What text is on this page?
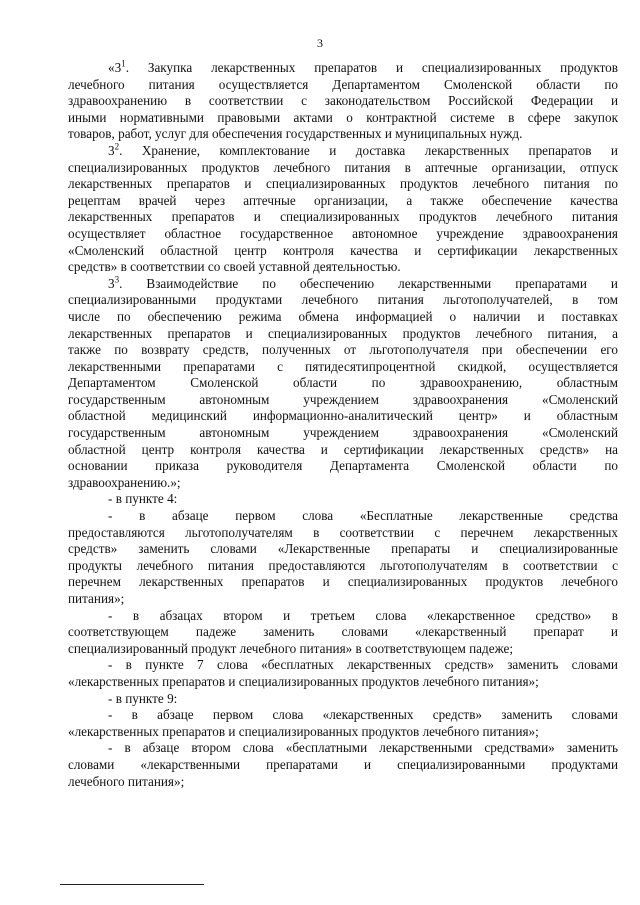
3
«$3^1$. Закупка лекарственных препаратов и специализированных продуктов
лечебного питания осуществляется Департаментом Смоленской области по
здравоохранению в соответствии с законодательством Российской Федерации и
иными нормативными правовыми актами о контрактной системе в сфере закупок
товаров, работ, услуг для обеспечения государственных и муниципальных нужд.
$3^2$. Хранение, комплектование и доставка лекарственных препаратов и
специализированных продуктов лечебного питания в аптечные организации, отпуск
лекарственных препаратов и специализированных продуктов лечебного питания по
рецептам врачей через аптечные организации, а также обеспечение качества
лекарственных препаратов и специализированных продуктов лечебного питания
осуществляет областное государственное автономное учреждение здравоохранения
«Смоленский областной центр контроля качества и сертификации лекарственных
средств» в соответствии со своей уставной деятельностью.
$3^3$. Взаимодействие по обеспечению лекарственными препаратами и
специализированными продуктами лечебного питания льготополучателей, в том
числе по обеспечению режима обмена информацией о наличии и поставках
лекарственных препаратов и специализированных продуктов лечебного питания, а
также по возврату средств, полученных от льготополучателя при обеспечении его
лекарственными препаратами с пятидесятипроцентной скидкой, осуществляется
Департаментом Смоленской области по здравоохранению, областным
государственным автономным учреждением здравоохранения «Смоленский
областной медицинский информационно-аналитический центр» и областным
государственным автономным учреждением здравоохранения «Смоленский
областной центр контроля качества и сертификации лекарственных средств» на
основании приказа руководителя Департамента Смоленской области по
здравоохранению.»;
- в пункте 4:
- в абзаце первом слова «Бесплатные лекарственные средства
предоставляются льготополучателям в соответствии с перечнем лекарственных
средств» заменить словами «Лекарственные препараты и специализированные
продукты лечебного питания предоставляются льготополучателям в соответствии с
перечнем лекарственных препаратов и специализированных продуктов лечебного
питания»;
- в абзацах втором и третьем слова «лекарственное средство» в
соответствующем падеже заменить словами «лекарственный препарат и
специализированный продукт лечебного питания» в соответствующем падеже;
- в пункте 7 слова «бесплатных лекарственных средств» заменить словами
«лекарственных препаратов и специализированных продуктов лечебного питания»;
- в пункте 9:
- в абзаце первом слова «лекарственных средств» заменить словами
«лекарственных препаратов и специализированных продуктов лечебного питания»;
- в абзаце втором слова «бесплатными лекарственными средствами» заменить
словами «лекарственными препаратами и специализированными продуктами
лечебного питания»;
